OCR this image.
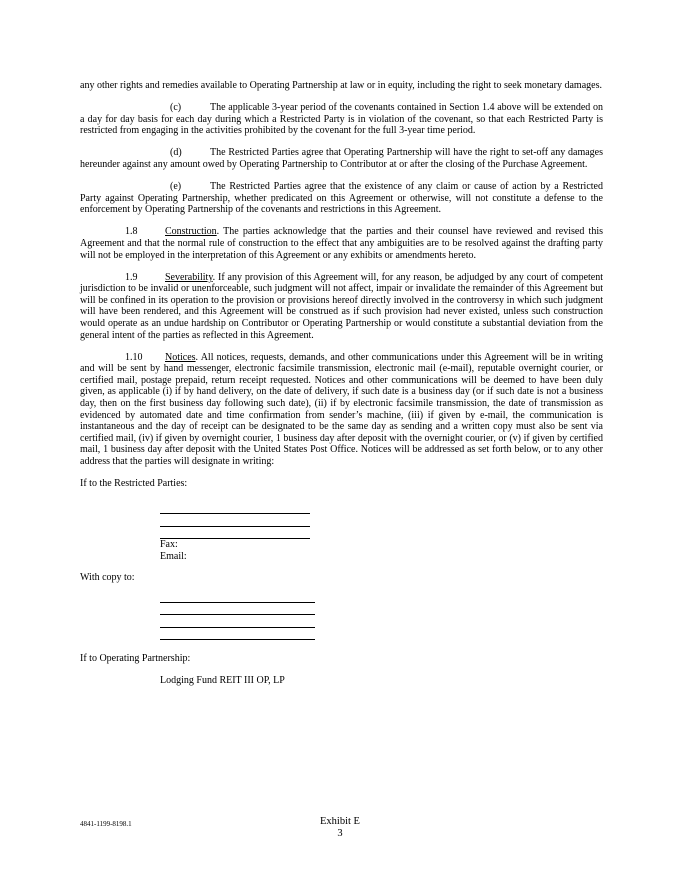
any other rights and remedies available to Operating Partnership at law or in equity, including the right to seek monetary damages.

(c)	The applicable 3-year period of the covenants contained in Section 1.4 above will be extended on a day for day basis for each day during which a Restricted Party is in violation of the covenant, so that each Restricted Party is restricted from engaging in the activities prohibited by the covenant for the full 3-year time period.

(d)	The Restricted Parties agree that Operating Partnership will have the right to set-off any damages hereunder against any amount owed by Operating Partnership to Contributor at or after the closing of the Purchase Agreement.

(e)	The Restricted Parties agree that the existence of any claim or cause of action by a Restricted Party against Operating Partnership, whether predicated on this Agreement or otherwise, will not constitute a defense to the enforcement by Operating Partnership of the covenants and restrictions in this Agreement.

1.8	Construction. The parties acknowledge that the parties and their counsel have reviewed and revised this Agreement and that the normal rule of construction to the effect that any ambiguities are to be resolved against the drafting party will not be employed in the interpretation of this Agreement or any exhibits or amendments hereto.

1.9	Severability. If any provision of this Agreement will, for any reason, be adjudged by any court of competent jurisdiction to be invalid or unenforceable, such judgment will not affect, impair or invalidate the remainder of this Agreement but will be confined in its operation to the provision or provisions hereof directly involved in the controversy in which such judgment will have been rendered, and this Agreement will be construed as if such provision had never existed, unless such construction would operate as an undue hardship on Contributor or Operating Partnership or would constitute a substantial deviation from the general intent of the parties as reflected in this Agreement.

1.10 Notices. All notices, requests, demands, and other communications under this Agreement will be in writing and will be sent by hand messenger, electronic facsimile transmission, electronic mail (e-mail), reputable overnight courier, or certified mail, postage prepaid, return receipt requested. Notices and other communications will be deemed to have been duly given, as applicable (i) if by hand delivery, on the date of delivery, if such date is a business day (or if such date is not a business day, then on the first business day following such date), (ii) if by electronic facsimile transmission, the date of transmission as evidenced by automated date and time confirmation from sender’s machine, (iii) if given by e-mail, the communication is instantaneous and the day of receipt can be designated to be the same day as sending and a written copy must also be sent via certified mail, (iv) if given by overnight courier, 1 business day after deposit with the overnight courier, or (v) if given by certified mail, 1 business day after deposit with the United States Post Office. Notices will be addressed as set forth below, or to any other address that the parties will designate in writing:

If to the Restricted Parties:

Fax:
Email:

With copy to:

If to Operating Partnership:

Lodging Fund REIT III OP, LP

4841-1199-8198.1	Exhibit E
3
